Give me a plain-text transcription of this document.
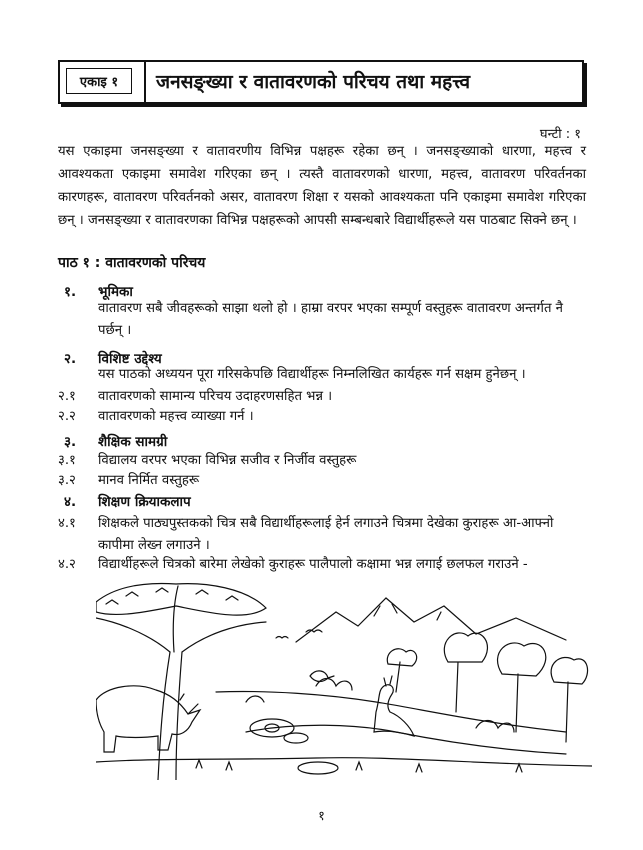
एकाइ १	जनसङ्ख्या र वातावरणको परिचय तथा महत्त्व
घन्टी : १
यस एकाइमा जनसङ्ख्या र वातावरणीय विभिन्न पक्षहरू रहेका छन् । जनसङ्ख्याको धारणा, महत्त्व र आवश्यकता एकाइमा समावेश गरिएका छन् । त्यस्तै वातावरणको धारणा, महत्त्व, वातावरण परिवर्तनका कारणहरू, वातावरण परिवर्तनको असर, वातावरण शिक्षा र यसको आवश्यकता पनि एकाइमा समावेश गरिएका छन् । जनसङ्ख्या र वातावरणका विभिन्न पक्षहरूको आपसी सम्बन्धबारे विद्यार्थीहरूले यस पाठबाट सिक्ने छन् ।
पाठ १ : वातावरणको परिचय
१. भूमिका
वातावरण सबै जीवहरूको साझा थलो हो । हाम्रा वरपर भएका सम्पूर्ण वस्तुहरू वातावरण अन्तर्गत नै पर्छन् ।
२. विशिष्ट उद्देश्य
यस पाठको अध्ययन पूरा गरिसकेपछि विद्यार्थीहरू निम्नलिखित कार्यहरू गर्न सक्षम हुनेछन् ।
२.१ वातावरणको सामान्य परिचय उदाहरणसहित भन्न ।
२.२ वातावरणको महत्त्व व्याख्या गर्न ।
३. शैक्षिक सामग्री
३.१ विद्यालय वरपर भएका विभिन्न सजीव र निर्जीव वस्तुहरू
३.२ मानव निर्मित वस्तुहरू
४. शिक्षण क्रियाकलाप
४.१ शिक्षकले पाठ्यपुस्तकको चित्र सबै विद्यार्थीहरूलाई हेर्न लगाउने चित्रमा देखेका कुराहरू आ-आफ्नो कापीमा लेख्न लगाउने ।
४.२ विद्यार्थीहरूले चित्रको बारेमा लेखेको कुराहरू पालैपालो कक्षामा भन्न लगाई छलफल गराउने -
१
